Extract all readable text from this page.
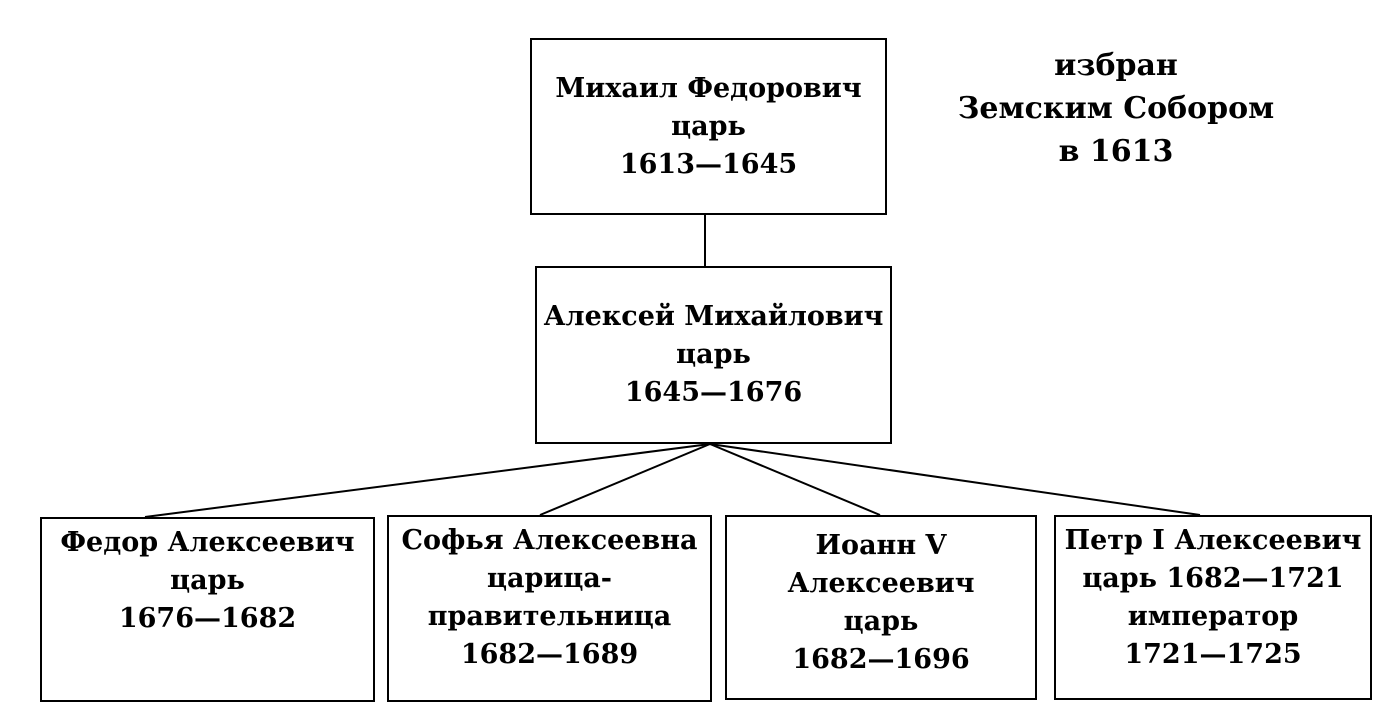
Михаил Федорович
царь
1613—1645
Алексей Михайлович
царь
1645—1676
Федор Алексеевич
царь
1676—1682
Софья Алексеевна
царица-
правительница
1682—1689
Иоанн V
Алексеевич
царь
1682—1696
Петр I Алексеевич
царь 1682—1721
император
1721—1725
избран
Земским Собором
в 1613
